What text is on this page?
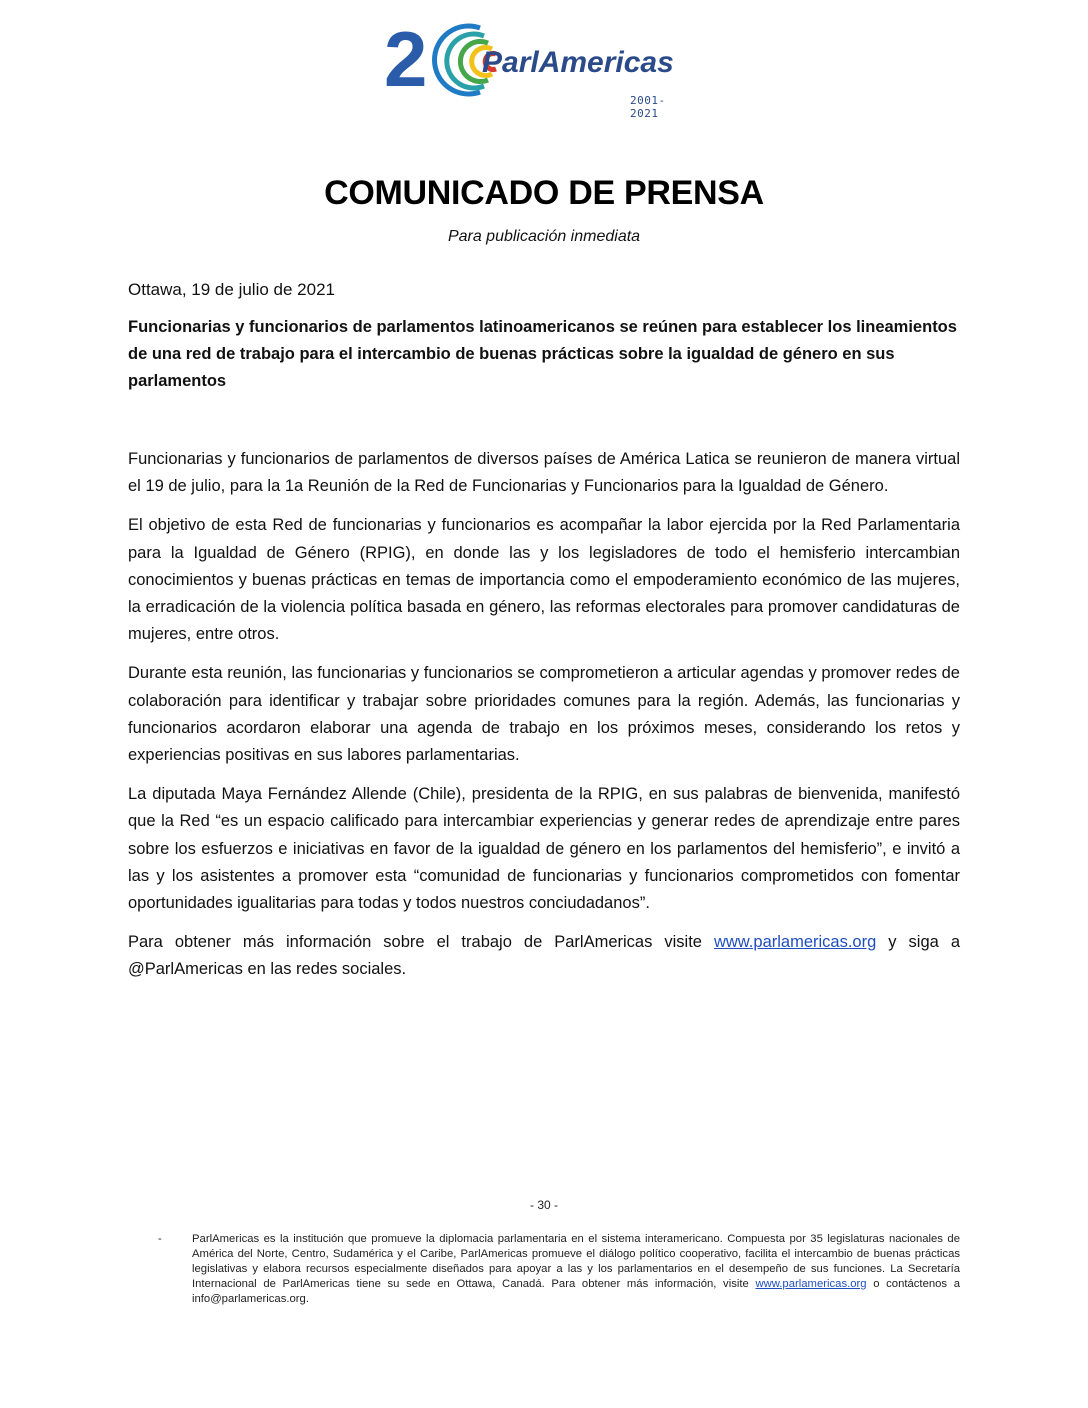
2 ParlAmericas
2001-2021
COMUNICADO DE PRENSA
Para publicación inmediata
Ottawa, 19 de julio de 2021
Funcionarias y funcionarios de parlamentos latinoamericanos se reúnen para establecer los lineamientos de una red de trabajo para el intercambio de buenas prácticas sobre la igualdad de género en sus parlamentos

Funcionarias y funcionarios de parlamentos de diversos países de América Latica se reunieron de manera virtual el 19 de julio, para la 1a Reunión de la Red de Funcionarias y Funcionarios para la Igualdad de Género.

El objetivo de esta Red de funcionarias y funcionarios es acompañar la labor ejercida por la Red Parlamentaria para la Igualdad de Género (RPIG), en donde las y los legisladores de todo el hemisferio intercambian conocimientos y buenas prácticas en temas de importancia como el empoderamiento económico de las mujeres, la erradicación de la violencia política basada en género, las reformas electorales para promover candidaturas de mujeres, entre otros.

Durante esta reunión, las funcionarias y funcionarios se comprometieron a articular agendas y promover redes de colaboración para identificar y trabajar sobre prioridades comunes para la región. Además, las funcionarias y funcionarios acordaron elaborar una agenda de trabajo en los próximos meses, considerando los retos y experiencias positivas en sus labores parlamentarias.

La diputada Maya Fernández Allende (Chile), presidenta de la RPIG, en sus palabras de bienvenida, manifestó que la Red “es un espacio calificado para intercambiar experiencias y generar redes de aprendizaje entre pares sobre los esfuerzos e iniciativas en favor de la igualdad de género en los parlamentos del hemisferio”, e invitó a las y los asistentes a promover esta “comunidad de funcionarias y funcionarios comprometidos con fomentar oportunidades igualitarias para todas y todos nuestros conciudadanos”.

Para obtener más información sobre el trabajo de ParlAmericas visite www.parlamericas.org y siga a @ParlAmericas en las redes sociales.

- 30 -
-	ParlAmericas es la institución que promueve la diplomacia parlamentaria en el sistema interamericano. Compuesta por 35 legislaturas nacionales de América del Norte, Centro, Sudamérica y el Caribe, ParlAmericas promueve el diálogo político cooperativo, facilita el intercambio de buenas prácticas legislativas y elabora recursos especialmente diseñados para apoyar a las y los parlamentarios en el desempeño de sus funciones. La Secretaría Internacional de ParlAmericas tiene su sede en Ottawa, Canadá. Para obtener más información, visite www.parlamericas.org o contáctenos a info@parlamericas.org.
